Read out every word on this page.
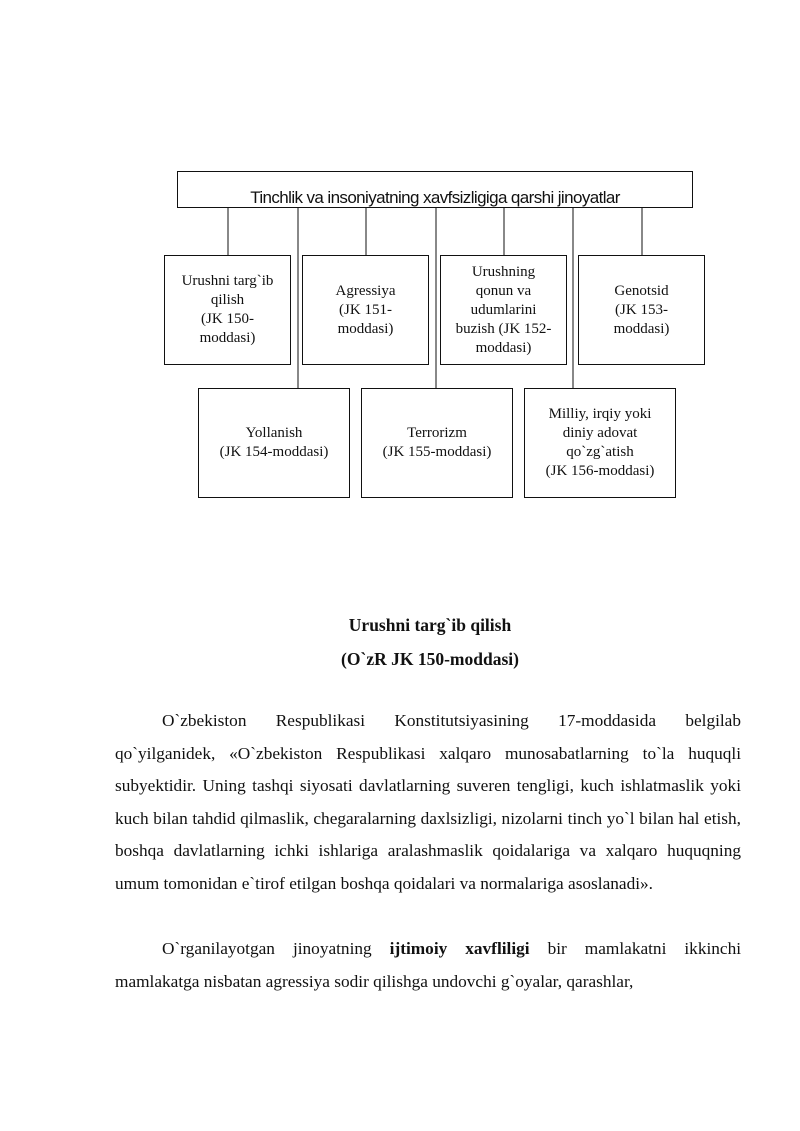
Tinchlik va insoniyatning xavfsizligiga qarshi jinoyatlar
Urushni targ`ib
qilish
(JK 150-
moddasi)
Agressiya
(JK 151-
moddasi)
Urushning
qonun va
udumlarini
buzish (JK 152-
moddasi)
Genotsid
(JK 153-
moddasi)
Yollanish
(JK 154-moddasi)
Terrorizm
(JK 155-moddasi)
Milliy, irqiy yoki
diniy adovat
qo`zg`atish
(JK 156-moddasi)
Urushni targ`ib qilish
(O`zR JK 150-moddasi)

O`zbekiston Respublikasi Konstitutsiyasining 17-moddasida belgilab qo`yilganidek, «O`zbekiston Respublikasi xalqaro munosabatlarning to`la huquqli subyektidir. Uning tashqi siyosati davlatlarning suveren tengligi, kuch ishlatmaslik yoki kuch bilan tahdid qilmaslik, chegaralarning daxlsizligi, nizolarni tinch yo`l bilan hal etish, boshqa davlatlarning ichki ishlariga aralashmaslik qoidalariga va xalqaro huquqning umum tomonidan e`tirof etilgan boshqa qoidalari va normalariga asoslanadi».

O`rganilayotgan jinoyatning ijtimoiy xavfliligi bir mamlakatni ikkinchi mamlakatga nisbatan agressiya sodir qilishga undovchi g`oyalar, qarashlar,
